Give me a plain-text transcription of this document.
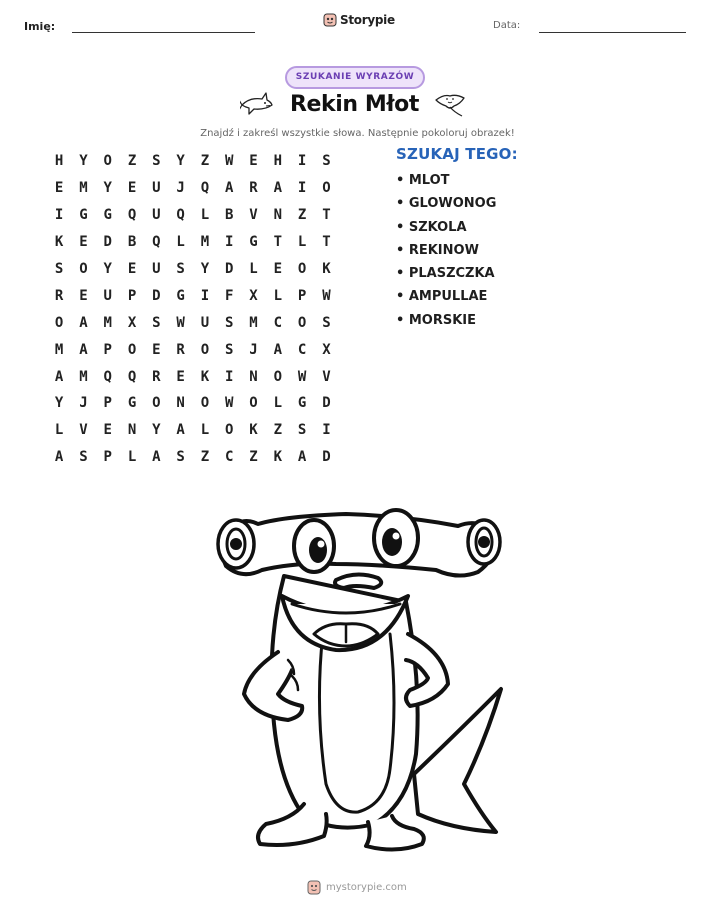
Imię:	Storypie	Data:
SZUKANIE WYRAZÓW
Rekin Młot
Znajdź i zakreśl wszystkie słowa. Następnie pokoloruj obrazek!
H	Y	O	Z	S	Y	Z	W	E	H	I	S
E	M	Y	E	U	J	Q	A	R	A	I	O
I	G	G	Q	U	Q	L	B	V	N	Z	T
K	E	D	B	Q	L	M	I	G	T	L	T
S	O	Y	E	U	S	Y	D	L	E	O	K
R	E	U	P	D	G	I	F	X	L	P	W
O	A	M	X	S	W	U	S	M	C	O	S
M	A	P	O	E	R	O	S	J	A	C	X
A	M	Q	Q	R	E	K	I	N	O	W	V
Y	J	P	G	O	N	O	W	O	L	G	D
L	V	E	N	Y	A	L	O	K	Z	S	I
A	S	P	L	A	S	Z	C	Z	K	A	D
SZUKAJ TEGO:
• MLOT
• GLOWONOG
• SZKOLA
• REKINOW
• PLASZCZKA
• AMPULLAE
• MORSKIE
mystorypie.com
